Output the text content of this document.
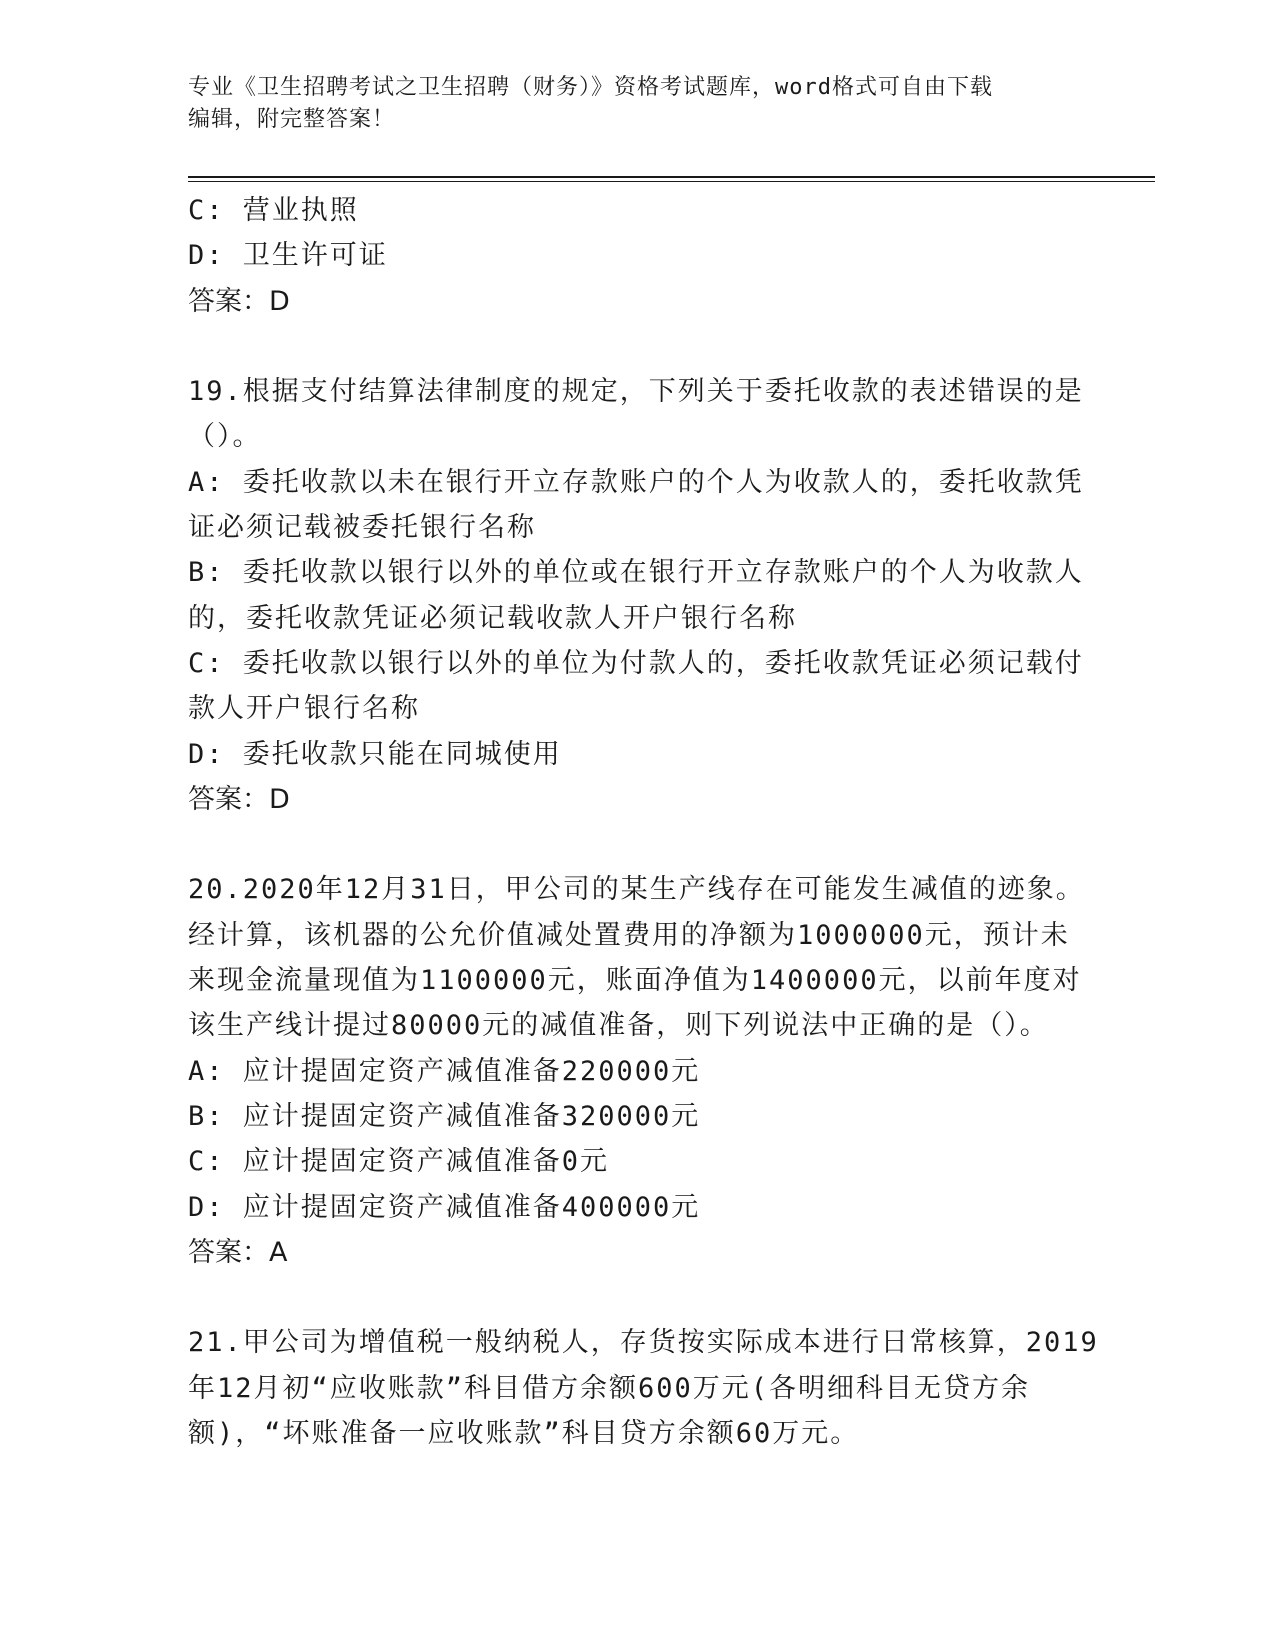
专业《卫生招聘考试之卫生招聘（财务）》资格考试题库，word格式可自由下载
编辑，附完整答案！
C: 营业执照
D: 卫生许可证
答案：D
19.根据支付结算法律制度的规定，下列关于委托收款的表述错误的是
（）。
A: 委托收款以未在银行开立存款账户的个人为收款人的，委托收款凭
证必须记载被委托银行名称
B: 委托收款以银行以外的单位或在银行开立存款账户的个人为收款人
的，委托收款凭证必须记载收款人开户银行名称
C: 委托收款以银行以外的单位为付款人的，委托收款凭证必须记载付
款人开户银行名称
D: 委托收款只能在同城使用
答案：D
20.2020年12月31日，甲公司的某生产线存在可能发生减值的迹象。
经计算，该机器的公允价值减处置费用的净额为1000000元，预计未
来现金流量现值为1100000元，账面净值为1400000元，以前年度对
该生产线计提过80000元的减值准备，则下列说法中正确的是（）。
A: 应计提固定资产减值准备220000元
B: 应计提固定资产减值准备320000元
C: 应计提固定资产减值准备0元
D: 应计提固定资产减值准备400000元
答案：A
21.甲公司为增值税一般纳税人，存货按实际成本进行日常核算，2019
年12月初“应收账款”科目借方余额600万元(各明细科目无贷方余
额)，“坏账准备一应收账款”科目贷方余额60万元。
